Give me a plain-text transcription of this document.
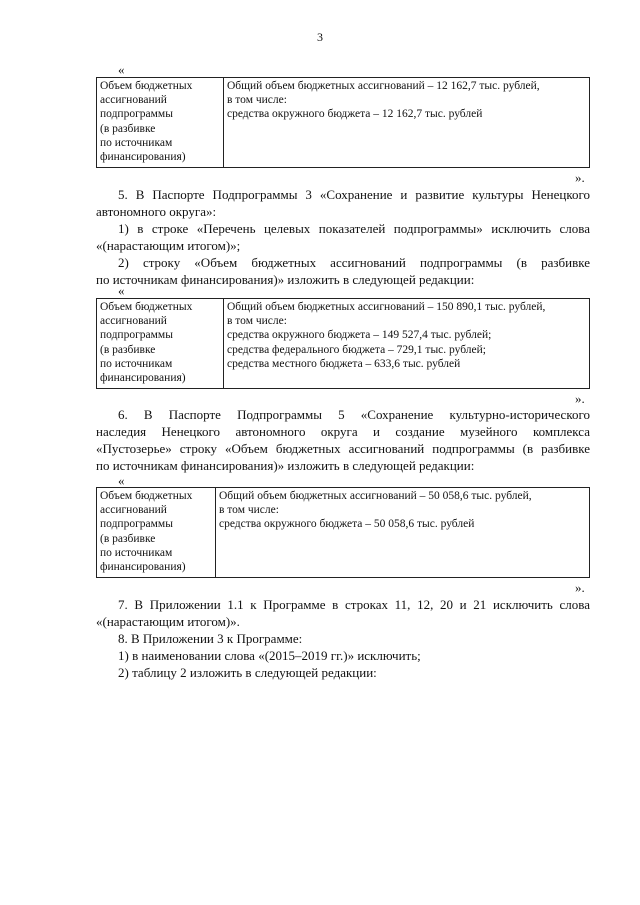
3
«
Объем бюджетных
ассигнований
подпрограммы
(в разбивке
по источникам
финансирования)
Общий объем бюджетных ассигнований – 12 162,7 тыс. рублей,
в том числе:
средства окружного бюджета – 12 162,7 тыс. рублей
».
5. В Паспорте Подпрограммы 3 «Сохранение и развитие культуры Ненецкого
автономного округа»:
1) в строке «Перечень целевых показателей подпрограммы» исключить слова
«(нарастающим итогом)»;
2) строку «Объем бюджетных ассигнований подпрограммы (в разбивке
по источникам финансирования)» изложить в следующей редакции:
«
Объем бюджетных
ассигнований
подпрограммы
(в разбивке
по источникам
финансирования)
Общий объем бюджетных ассигнований – 150 890,1 тыс. рублей,
в том числе:
средства окружного бюджета – 149 527,4 тыс. рублей;
средства федерального бюджета – 729,1 тыс. рублей;
средства местного бюджета – 633,6 тыс. рублей
».
6. В Паспорте Подпрограммы 5 «Сохранение культурно-исторического
наследия Ненецкого автономного округа и создание музейного комплекса
«Пустозерье» строку «Объем бюджетных ассигнований подпрограммы (в разбивке
по источникам финансирования)» изложить в следующей редакции:
«
Объем бюджетных
ассигнований
подпрограммы
(в разбивке
по источникам
финансирования)
Общий объем бюджетных ассигнований – 50 058,6 тыс. рублей,
в том числе:
средства окружного бюджета – 50 058,6 тыс. рублей
».
7. В Приложении 1.1 к Программе в строках 11, 12, 20 и 21 исключить слова
«(нарастающим итогом)».
8. В Приложении 3 к Программе:
1) в наименовании слова «(2015–2019 гг.)» исключить;
2) таблицу 2 изложить в следующей редакции:
